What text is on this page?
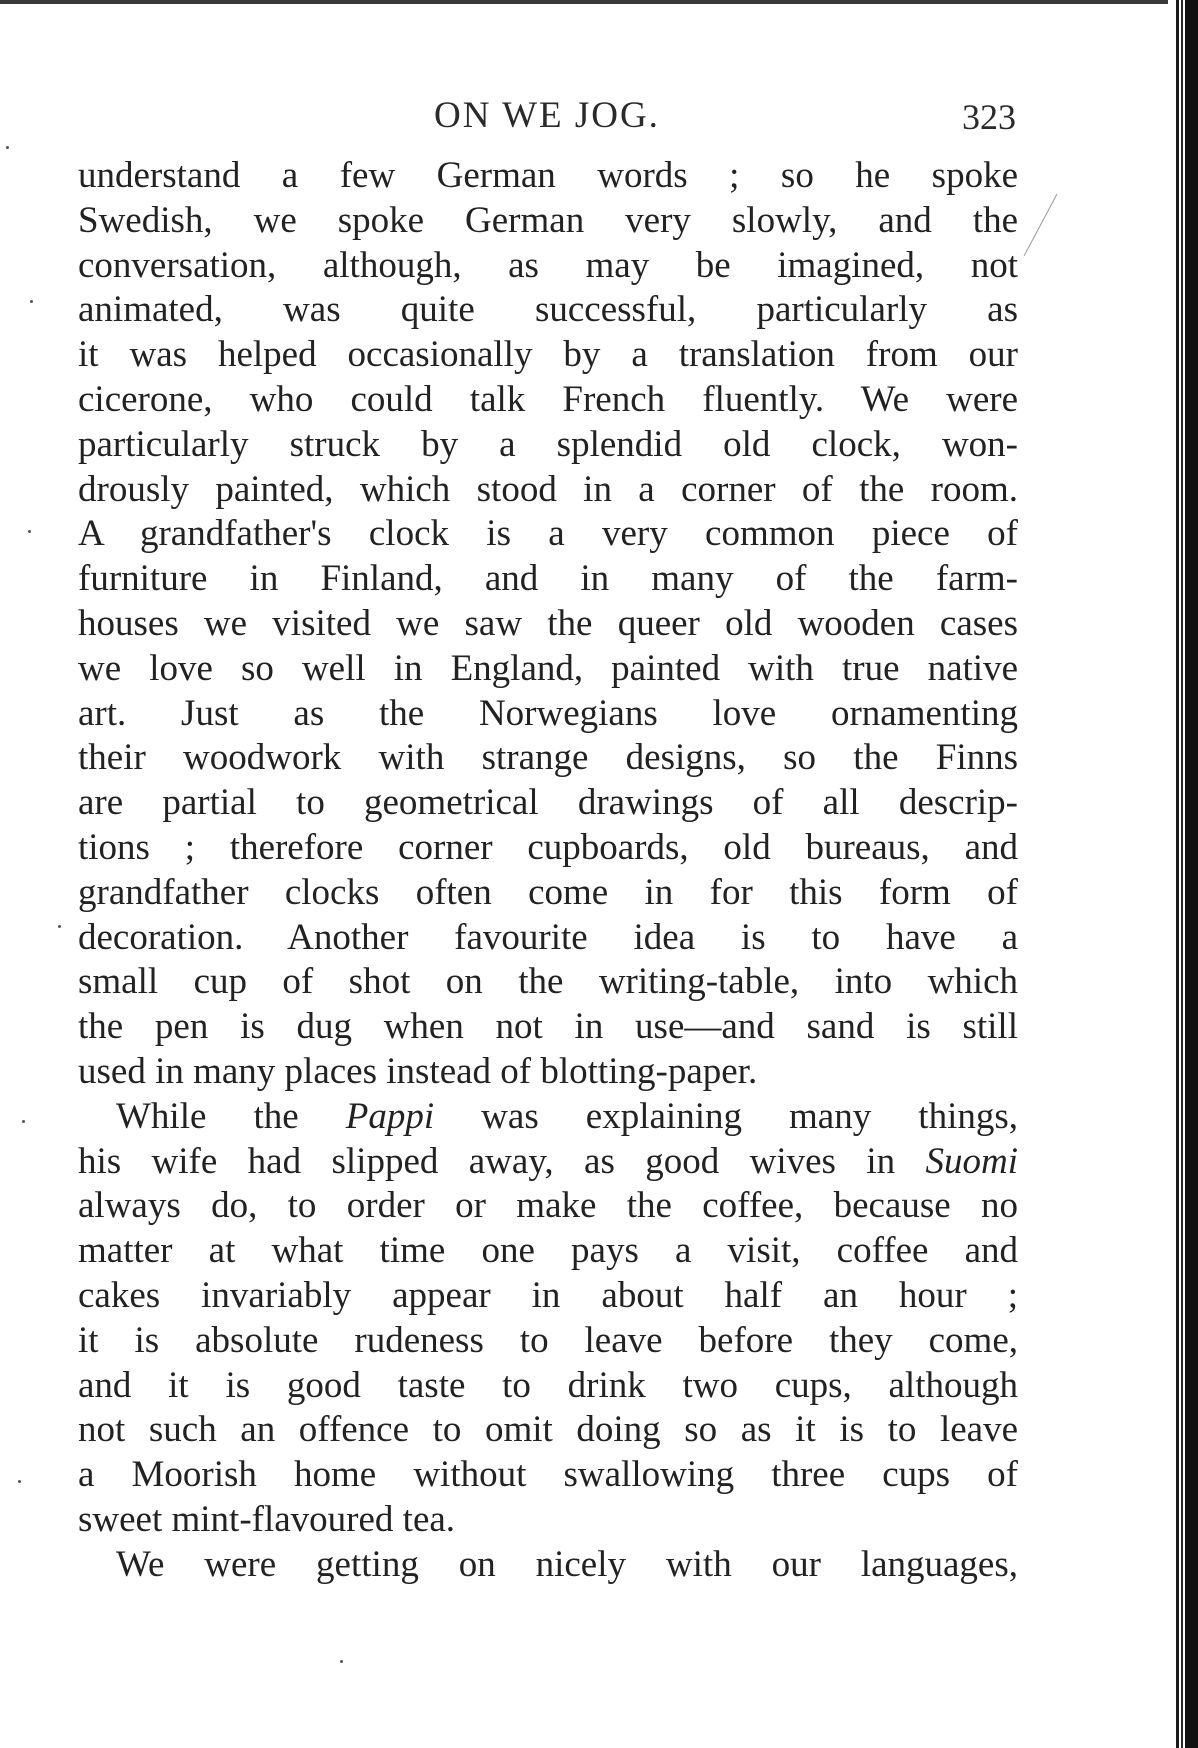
ON WE JOG.	323
understand a few German words ; so he spoke
Swedish, we spoke German very slowly, and the
conversation, although, as may be imagined, not
animated, was quite successful, particularly as
it was helped occasionally by a translation from our
cicerone, who could talk French fluently. We were
particularly struck by a splendid old clock, won-
drously painted, which stood in a corner of the room.
A grandfather's clock is a very common piece of
furniture in Finland, and in many of the farm-
houses we visited we saw the queer old wooden cases
we love so well in England, painted with true native
art. Just as the Norwegians love ornamenting
their woodwork with strange designs, so the Finns
are partial to geometrical drawings of all descrip-
tions ; therefore corner cupboards, old bureaus, and
grandfather clocks often come in for this form of
decoration. Another favourite idea is to have a
small cup of shot on the writing-table, into which
the pen is dug when not in use—and sand is still
used in many places instead of blotting-paper.
While the Pappi was explaining many things,
his wife had slipped away, as good wives in Suomi
always do, to order or make the coffee, because no
matter at what time one pays a visit, coffee and
cakes invariably appear in about half an hour ;
it is absolute rudeness to leave before they come,
and it is good taste to drink two cups, although
not such an offence to omit doing so as it is to leave
a Moorish home without swallowing three cups of
sweet mint-flavoured tea.
We were getting on nicely with our languages,
